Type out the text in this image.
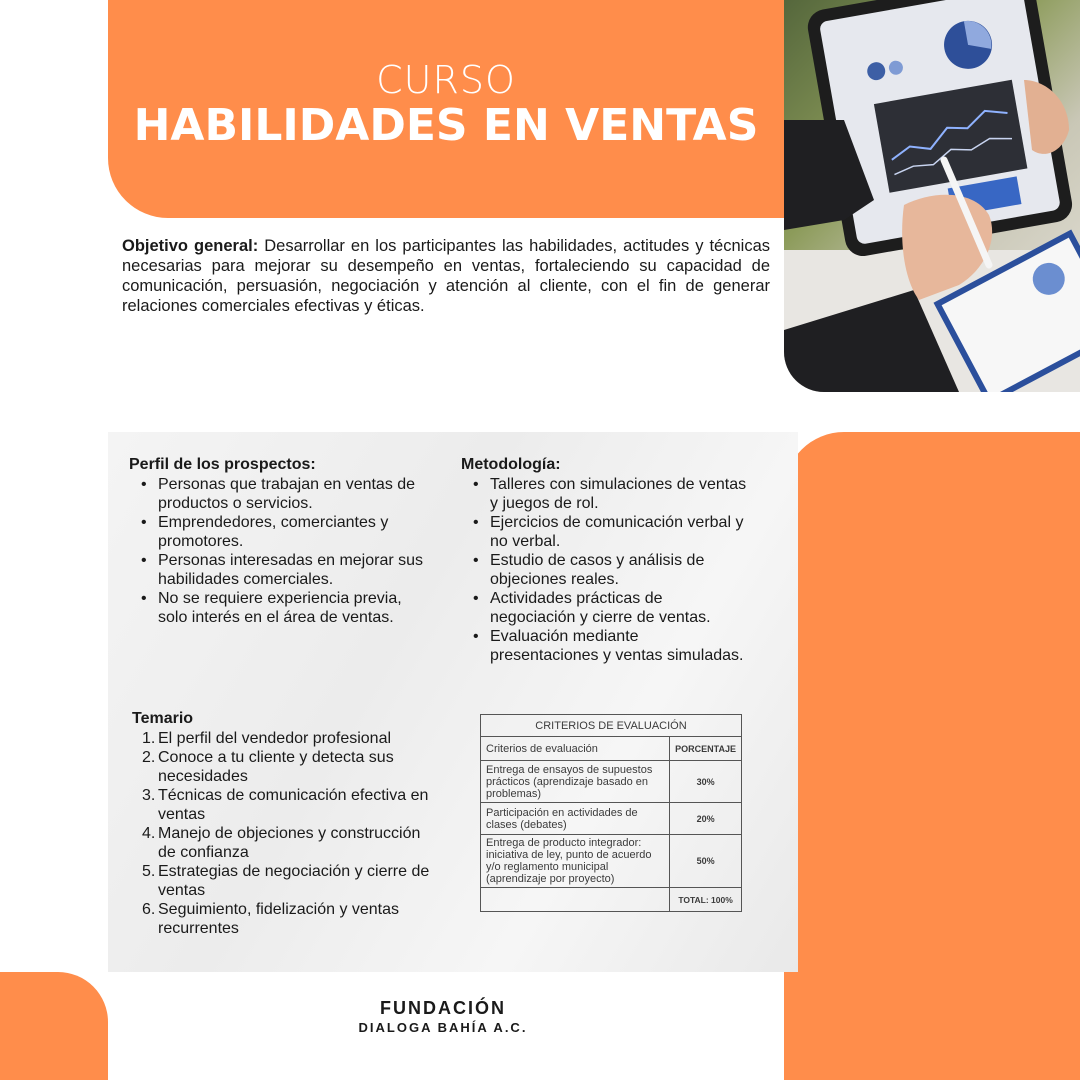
CURSO
HABILIDADES EN VENTAS

Objetivo general: Desarrollar en los participantes las habilidades, actitudes y técnicas necesarias para mejorar su desempeño en ventas, fortaleciendo su capacidad de comunicación, persuasión, negociación y atención al cliente, con el fin de generar relaciones comerciales efectivas y éticas.

Perfil de los prospectos:
• Personas que trabajan en ventas de productos o servicios.
• Emprendedores, comerciantes y promotores.
• Personas interesadas en mejorar sus habilidades comerciales.
• No se requiere experiencia previa, solo interés en el área de ventas.
Metodología:
• Talleres con simulaciones de ventas y juegos de rol.
• Ejercicios de comunicación verbal y no verbal.
• Estudio de casos y análisis de objeciones reales.
• Actividades prácticas de negociación y cierre de ventas.
• Evaluación mediante presentaciones y ventas simuladas.
Temario
1. El perfil del vendedor profesional
2. Conoce a tu cliente y detecta sus necesidades
3. Técnicas de comunicación efectiva en ventas
4. Manejo de objeciones y construcción de confianza
5. Estrategias de negociación y cierre de ventas
6. Seguimiento, fidelización y ventas recurrentes
CRITERIOS DE EVALUACIÓN	
Criterios de evaluación	PORCENTAJE
Entrega de ensayos de supuestos prácticos (aprendizaje basado en problemas)	30%
Participación en actividades de clases (debates)	20%
Entrega de producto integrador: iniciativa de ley, punto de acuerdo y/o reglamento municipal (aprendizaje por proyecto)	50%
	TOTAL: 100%
FUNDACIÓN
DIALOGA BAHÍA A.C.
